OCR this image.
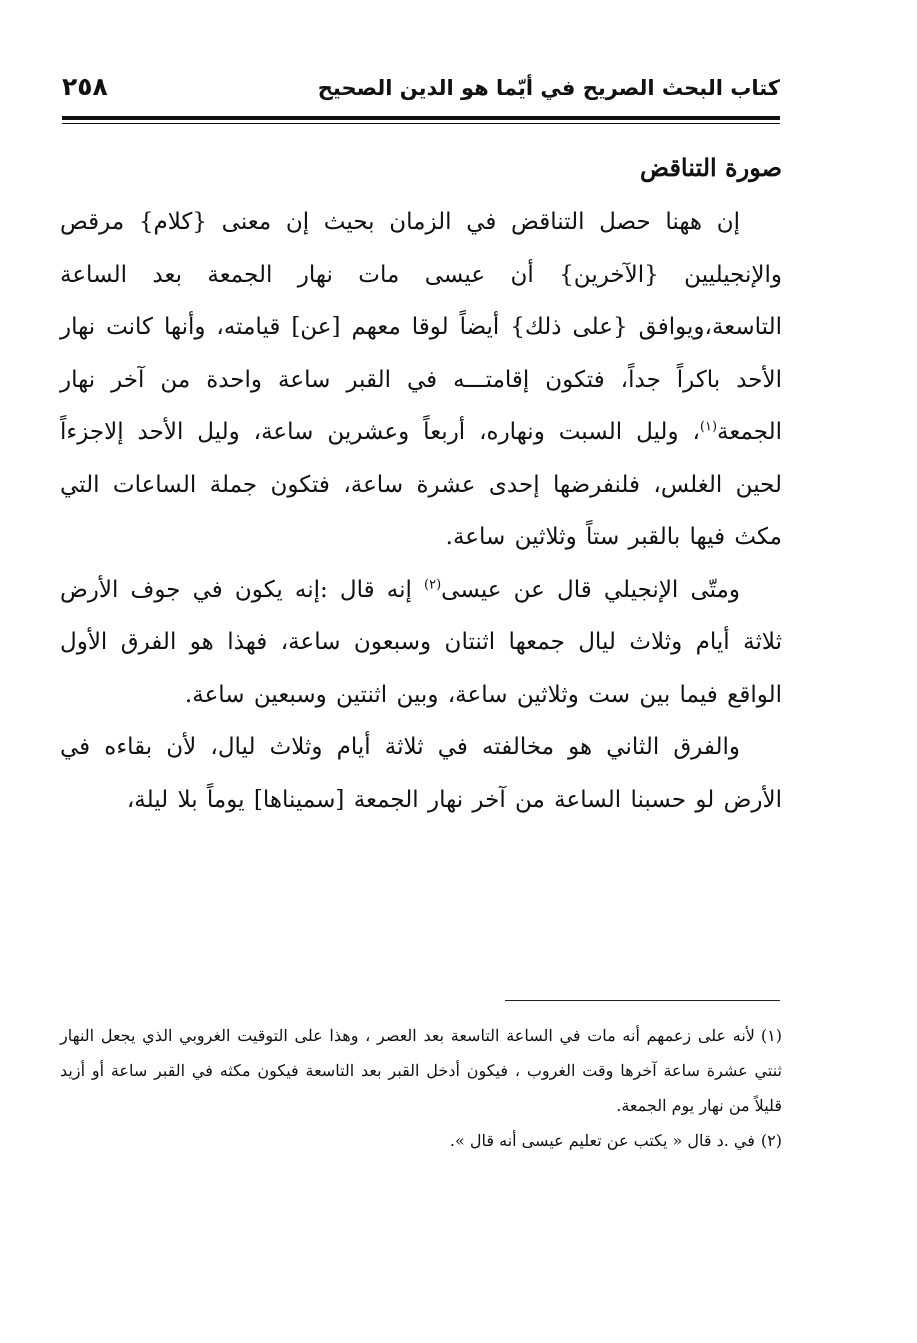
كتاب البحث الصريح في أيّما هو الدين الصحيح
٢٥٨
صورة التناقض

إن ههنا حصل التناقض في الزمان بحيث إن معنى {كلام} مرقص والإنجيليين {الآخرين} أن عيسى مات نهار الجمعة بعد الساعة التاسعة،ويوافق {على ذلك} أيضاً لوقا معهم [عن] قيامته، وأنها كانت نهار الأحد باكراً جداً، فتكون إقامتـــه في القبر ساعة واحدة من آخر نهار الجمعة$^{(١)}$، وليل السبت ونهاره، أربعاً وعشرين ساعة، وليل الأحد إلاجزءاً لحين الغلس، فلنفرضها إحدى عشرة ساعة، فتكون جملة الساعات التي مكث فيها بالقبر ستاً وثلاثين ساعة.

ومتّى الإنجيلي قال عن عيسى$^{(٢)}$ إنه قال :إنه يكون في جوف الأرض ثلاثة أيام وثلاث ليال جمعها اثنتان وسبعون ساعة، فهذا هو الفرق الأول الواقع فيما بين ست وثلاثين ساعة، وبين اثنتين وسبعين ساعة.

والفرق الثاني هو مخالفته في ثلاثة أيام وثلاث ليال، لأن بقاءه في الأرض لو حسبنا الساعة من آخر نهار الجمعة [سميناها] يوماً بلا ليلة،

(١)لأنه على زعمهم أنه مات في الساعة التاسعة بعد العصر ، وهذا على التوقيت الغروبي الذي يجعل النهار ثنتي عشرة ساعة آخرها وقت الغروب ، فيكون أدخل القبر بعد التاسعة فيكون مكثه في القبر ساعة أو أزيد قليلاً من نهار يوم الجمعة.

(٢)في .د قال « يكتب عن تعليم عيسى أنه قال ».
